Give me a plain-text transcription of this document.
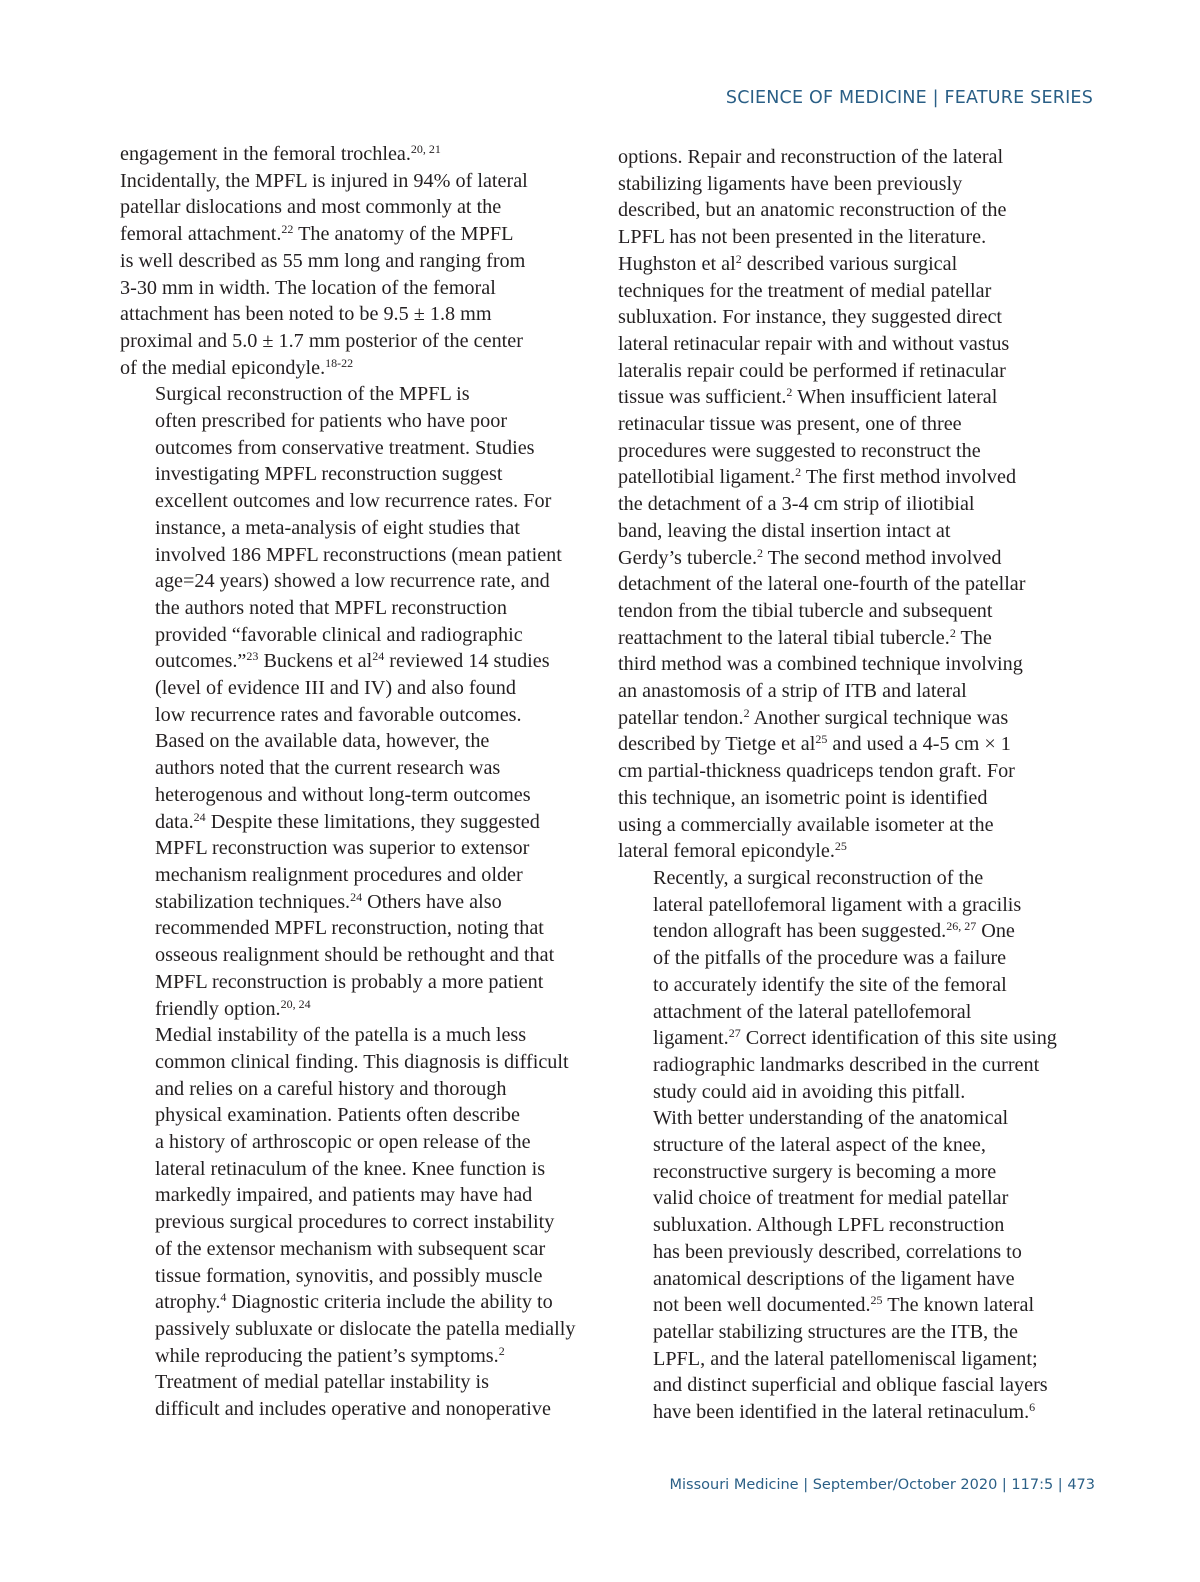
SCIENCE OF MEDICINE | FEATURE SERIES

engagement in the femoral trochlea.$^{20, 21}$
Incidentally, the MPFL is injured in 94% of lateral
patellar dislocations and most commonly at the
femoral attachment.$^{22}$ The anatomy of the MPFL
is well described as 55 mm long and ranging from
3-30 mm in width. The location of the femoral
attachment has been noted to be 9.5 ± 1.8 mm
proximal and 5.0 ± 1.7 mm posterior of the center
of the medial epicondyle.$^{18-22}$

Surgical reconstruction of the MPFL is
often prescribed for patients who have poor
outcomes from conservative treatment. Studies
investigating MPFL reconstruction suggest
excellent outcomes and low recurrence rates. For
instance, a meta-analysis of eight studies that
involved 186 MPFL reconstructions (mean patient
age=24 years) showed a low recurrence rate, and
the authors noted that MPFL reconstruction
provided “favorable clinical and radiographic
outcomes.”$^{23}$ Buckens et $al^{24}$ reviewed 14 studies
(level of evidence III and IV) and also found
low recurrence rates and favorable outcomes.
Based on the available data, however, the
authors noted that the current research was
heterogenous and without long-term outcomes
data.$^{24}$ Despite these limitations, they suggested
MPFL reconstruction was superior to extensor
mechanism realignment procedures and older
stabilization techniques.$^{24}$ Others have also
recommended MPFL reconstruction, noting that
osseous realignment should be rethought and that
MPFL reconstruction is probably a more patient
friendly option.$^{20, 24}$

Medial instability of the patella is a much less
common clinical finding. This diagnosis is difficult
and relies on a careful history and thorough
physical examination. Patients often describe
a history of arthroscopic or open release of the
lateral retinaculum of the knee. Knee function is
markedly impaired, and patients may have had
previous surgical procedures to correct instability
of the extensor mechanism with subsequent scar
tissue formation, synovitis, and possibly muscle
atrophy.$^4$ Diagnostic criteria include the ability to
passively subluxate or dislocate the patella medially
while reproducing the patient’s symptoms.$^2$

Treatment of medial patellar instability is
difficult and includes operative and nonoperative

options. Repair and reconstruction of the lateral
stabilizing ligaments have been previously
described, but an anatomic reconstruction of the
LPFL has not been presented in the literature.
Hughston et $al^2$ described various surgical
techniques for the treatment of medial patellar
subluxation. For instance, they suggested direct
lateral retinacular repair with and without vastus
lateralis repair could be performed if retinacular
tissue was sufficient.$^2$ When insufficient lateral
retinacular tissue was present, one of three
procedures were suggested to reconstruct the
patellotibial ligament.$^2$ The first method involved
the detachment of a 3-4 cm strip of iliotibial
band, leaving the distal insertion intact at
Gerdy’s tubercle.$^2$ The second method involved
detachment of the lateral one-fourth of the patellar
tendon from the tibial tubercle and subsequent
reattachment to the lateral tibial tubercle.$^2$ The
third method was a combined technique involving
an anastomosis of a strip of ITB and lateral
patellar tendon.$^2$ Another surgical technique was
described by Tietge et $al^{25}$ and used a 4-5 cm × 1
cm partial-thickness quadriceps tendon graft. For
this technique, an isometric point is identified
using a commercially available isometer at the
lateral femoral epicondyle.$^{25}$

Recently, a surgical reconstruction of the
lateral patellofemoral ligament with a gracilis
tendon allograft has been suggested.$^{26, 27}$ One
of the pitfalls of the procedure was a failure
to accurately identify the site of the femoral
attachment of the lateral patellofemoral
ligament.$^{27}$ Correct identification of this site using
radiographic landmarks described in the current
study could aid in avoiding this pitfall.

With better understanding of the anatomical
structure of the lateral aspect of the knee,
reconstructive surgery is becoming a more
valid choice of treatment for medial patellar
subluxation. Although LPFL reconstruction
has been previously described, correlations to
anatomical descriptions of the ligament have
not been well documented.$^{25}$ The known lateral
patellar stabilizing structures are the ITB, the
LPFL, and the lateral patellomeniscal ligament;
and distinct superficial and oblique fascial layers
have been identified in the lateral retinaculum.$^6$

Missouri Medicine | September/October 2020 | 117:5 | 473
